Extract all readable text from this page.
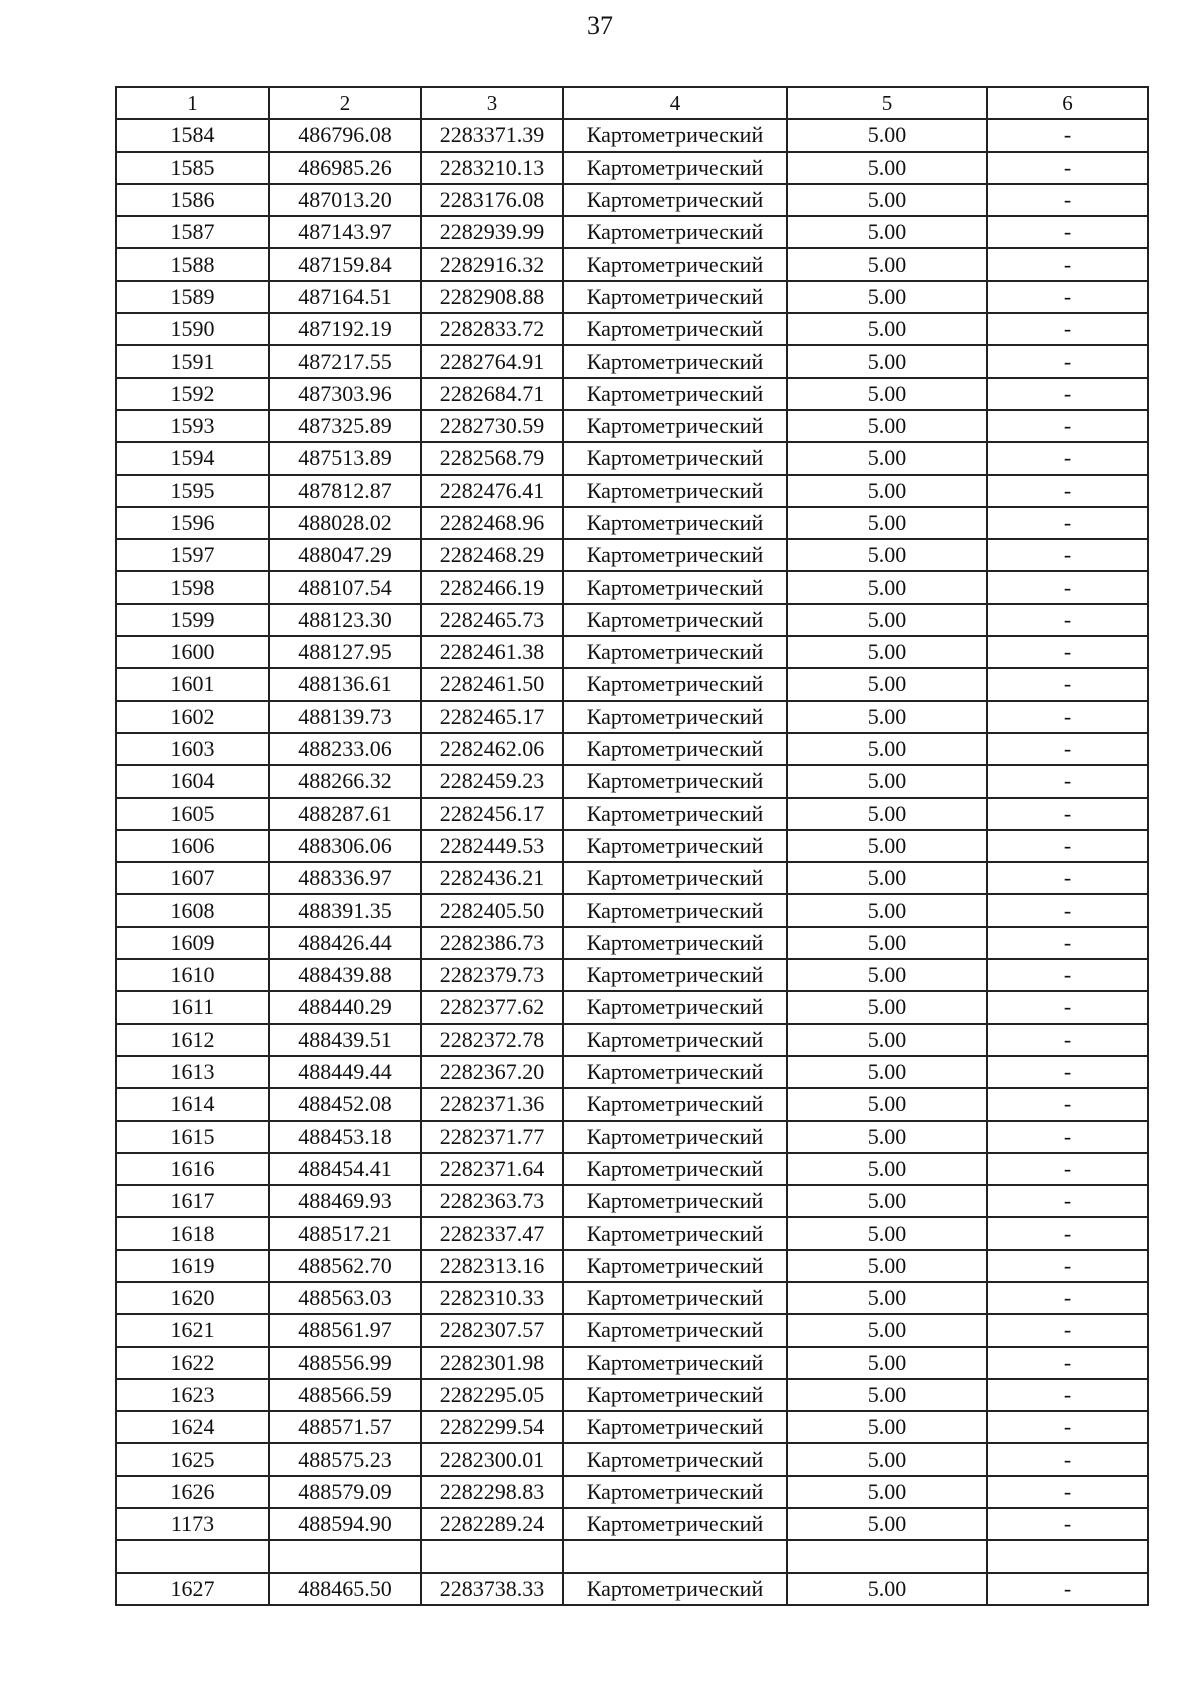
37
1	2	3	4	5	6
1584	486796.08	2283371.39	Картометрический	5.00	-
1585	486985.26	2283210.13	Картометрический	5.00	-
1586	487013.20	2283176.08	Картометрический	5.00	-
1587	487143.97	2282939.99	Картометрический	5.00	-
1588	487159.84	2282916.32	Картометрический	5.00	-
1589	487164.51	2282908.88	Картометрический	5.00	-
1590	487192.19	2282833.72	Картометрический	5.00	-
1591	487217.55	2282764.91	Картометрический	5.00	-
1592	487303.96	2282684.71	Картометрический	5.00	-
1593	487325.89	2282730.59	Картометрический	5.00	-
1594	487513.89	2282568.79	Картометрический	5.00	-
1595	487812.87	2282476.41	Картометрический	5.00	-
1596	488028.02	2282468.96	Картометрический	5.00	-
1597	488047.29	2282468.29	Картометрический	5.00	-
1598	488107.54	2282466.19	Картометрический	5.00	-
1599	488123.30	2282465.73	Картометрический	5.00	-
1600	488127.95	2282461.38	Картометрический	5.00	-
1601	488136.61	2282461.50	Картометрический	5.00	-
1602	488139.73	2282465.17	Картометрический	5.00	-
1603	488233.06	2282462.06	Картометрический	5.00	-
1604	488266.32	2282459.23	Картометрический	5.00	-
1605	488287.61	2282456.17	Картометрический	5.00	-
1606	488306.06	2282449.53	Картометрический	5.00	-
1607	488336.97	2282436.21	Картометрический	5.00	-
1608	488391.35	2282405.50	Картометрический	5.00	-
1609	488426.44	2282386.73	Картометрический	5.00	-
1610	488439.88	2282379.73	Картометрический	5.00	-
1611	488440.29	2282377.62	Картометрический	5.00	-
1612	488439.51	2282372.78	Картометрический	5.00	-
1613	488449.44	2282367.20	Картометрический	5.00	-
1614	488452.08	2282371.36	Картометрический	5.00	-
1615	488453.18	2282371.77	Картометрический	5.00	-
1616	488454.41	2282371.64	Картометрический	5.00	-
1617	488469.93	2282363.73	Картометрический	5.00	-
1618	488517.21	2282337.47	Картометрический	5.00	-
1619	488562.70	2282313.16	Картометрический	5.00	-
1620	488563.03	2282310.33	Картометрический	5.00	-
1621	488561.97	2282307.57	Картометрический	5.00	-
1622	488556.99	2282301.98	Картометрический	5.00	-
1623	488566.59	2282295.05	Картометрический	5.00	-
1624	488571.57	2282299.54	Картометрический	5.00	-
1625	488575.23	2282300.01	Картометрический	5.00	-
1626	488579.09	2282298.83	Картометрический	5.00	-
1173	488594.90	2282289.24	Картометрический	5.00	-

1627	488465.50	2283738.33	Картометрический	5.00	-
